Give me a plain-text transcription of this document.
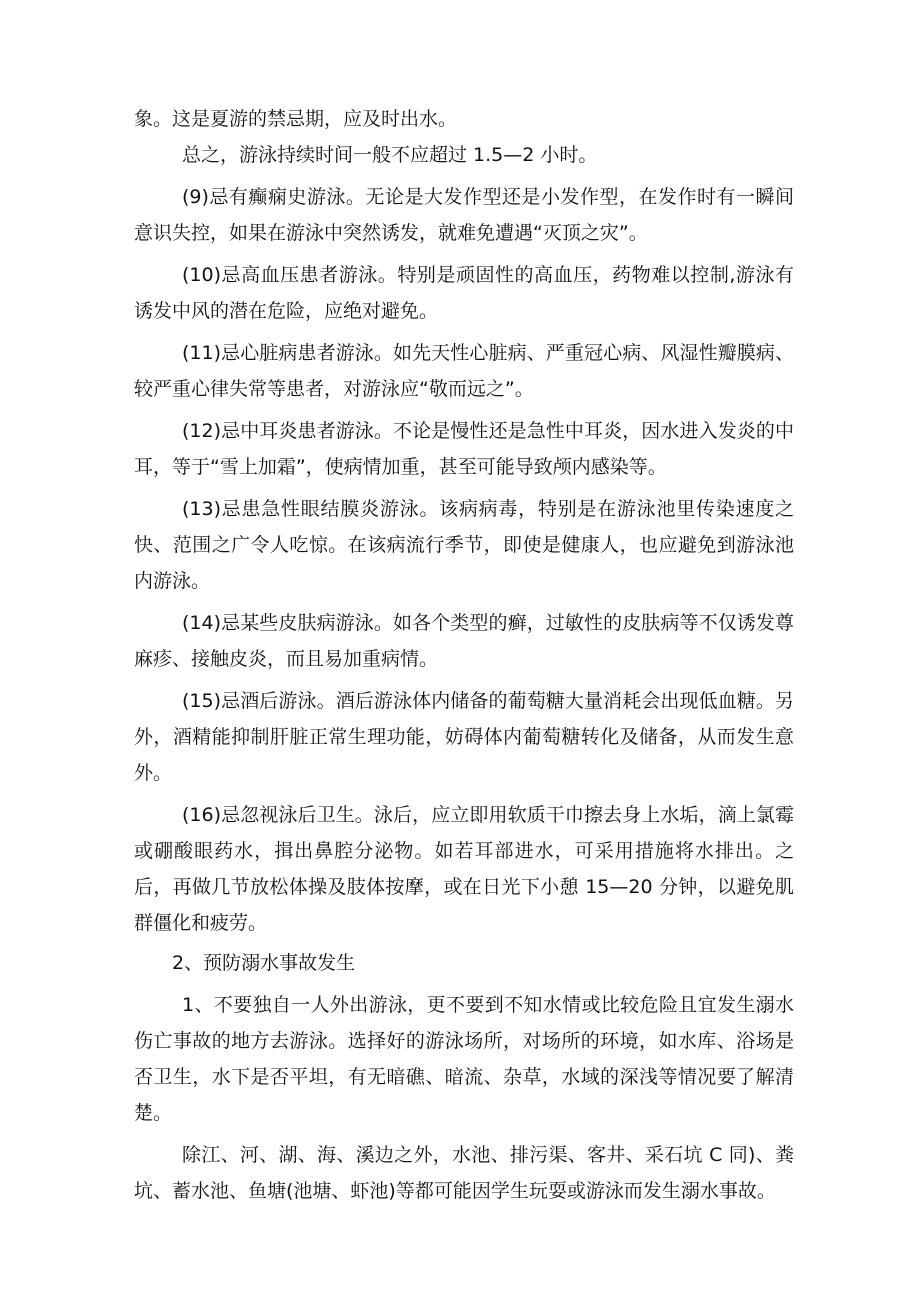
象。这是夏游的禁忌期，应及时出水。

总之，游泳持续时间一般不应超过 1.5—2 小时。

(9)忌有癫痫史游泳。无论是大发作型还是小发作型，在发作时有一瞬间意识失控，如果在游泳中突然诱发，就难免遭遇“灭顶之灾”。

(10)忌高血压患者游泳。特别是顽固性的高血压，药物难以控制,游泳有诱发中风的潜在危险，应绝对避免。

(11)忌心脏病患者游泳。如先天性心脏病、严重冠心病、风湿性瓣膜病、较严重心律失常等患者，对游泳应“敬而远之”。

(12)忌中耳炎患者游泳。不论是慢性还是急性中耳炎，因水进入发炎的中耳，等于“雪上加霜”，使病情加重，甚至可能导致颅内感染等。

(13)忌患急性眼结膜炎游泳。该病病毒，特别是在游泳池里传染速度之快、范围之广令人吃惊。在该病流行季节，即使是健康人，也应避免到游泳池内游泳。

(14)忌某些皮肤病游泳。如各个类型的癣，过敏性的皮肤病等不仅诱发尊麻疹、接触皮炎，而且易加重病情。

(15)忌酒后游泳。酒后游泳体内储备的葡萄糖大量消耗会出现低血糖。另外，酒精能抑制肝脏正常生理功能，妨碍体内葡萄糖转化及储备，从而发生意外。

(16)忌忽视泳后卫生。泳后，应立即用软质干巾擦去身上水垢，滴上氯霉或硼酸眼药水，揖出鼻腔分泌物。如若耳部进水，可采用措施将水排出。之后，再做几节放松体操及肢体按摩，或在日光下小憩 15—20 分钟，以避免肌群僵化和疲劳。

2、预防溺水事故发生

1、不要独自一人外出游泳，更不要到不知水情或比较危险且宜发生溺水伤亡事故的地方去游泳。选择好的游泳场所，对场所的环境，如水库、浴场是否卫生，水下是否平坦，有无暗礁、暗流、杂草，水域的深浅等情况要了解清楚。

除江、河、湖、海、溪边之外，水池、排污渠、客井、采石坑 C 同)、粪坑、蓄水池、鱼塘(池塘、虾池)等都可能因学生玩耍或游泳而发生溺水事故。
